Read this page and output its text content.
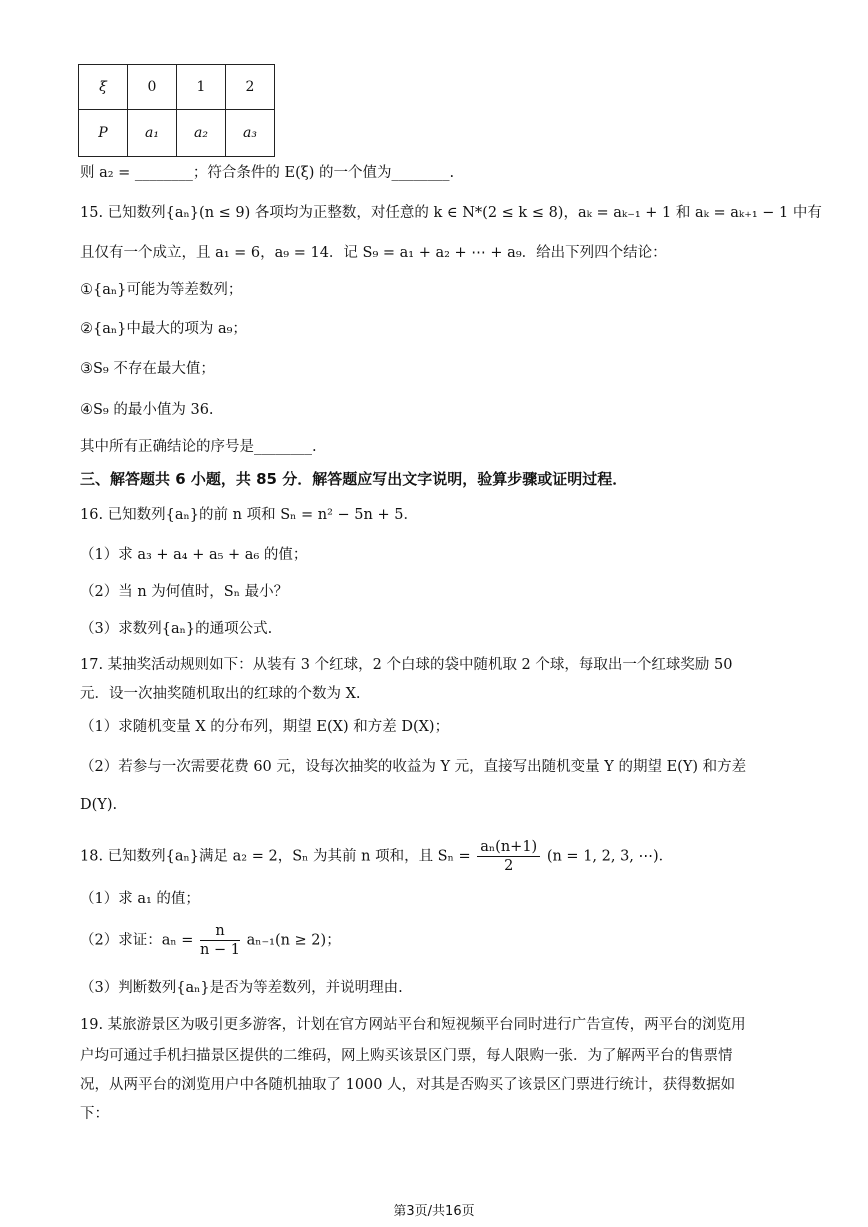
ξ	0	1	2
P	a₁	a₂	a₃
则 a₂ = ________；符合条件的 E(ξ) 的一个值为________.
15. 已知数列{aₙ}(n ≤ 9) 各项均为正整数，对任意的 k ∈ N*(2 ≤ k ≤ 8)，aₖ = aₖ₋₁ + 1 和 aₖ = aₖ₊₁ − 1 中有
且仅有一个成立，且 a₁ = 6，a₉ = 14．记 S₉ = a₁ + a₂ + ⋯ + a₉．给出下列四个结论：
①{aₙ}可能为等差数列；
②{aₙ}中最大的项为 a₉；
③S₉ 不存在最大值；
④S₉ 的最小值为 36.
其中所有正确结论的序号是________.
三、解答题共 6 小题，共 85 分．解答题应写出文字说明，验算步骤或证明过程．
16. 已知数列{aₙ}的前 n 项和 Sₙ = n² − 5n + 5．
（1）求 a₃ + a₄ + a₅ + a₆ 的值；
（2）当 n 为何值时，Sₙ 最小？
（3）求数列{aₙ}的通项公式.
17. 某抽奖活动规则如下：从装有 3 个红球，2 个白球的袋中随机取 2 个球，每取出一个红球奖励 50
元．设一次抽奖随机取出的红球的个数为 X.
（1）求随机变量 X 的分布列，期望 E(X) 和方差 D(X)；
（2）若参与一次需要花费 60 元，设每次抽奖的收益为 Y 元，直接写出随机变量 Y 的期望 E(Y) 和方差
D(Y).
18. 已知数列{aₙ}满足 a₂ = 2，Sₙ 为其前 n 项和，且 $S_n = \frac{\text{aₙ(n+1)}}{2} (n = 1$, 2, 3, ⋯)．
（1）求 a₁ 的值；
（2）求证：$a_n = \frac{n}{n - 1} a_{n-1}(n \ge 2)$；
（3）判断数列{aₙ}是否为等差数列，并说明理由.
19. 某旅游景区为吸引更多游客，计划在官方网站平台和短视频平台同时进行广告宣传，两平台的浏览用
户均可通过手机扫描景区提供的二维码，网上购买该景区门票，每人限购一张．为了解两平台的售票情
况，从两平台的浏览用户中各随机抽取了 1000 人，对其是否购买了该景区门票进行统计，获得数据如
下：
第3页/共16页
